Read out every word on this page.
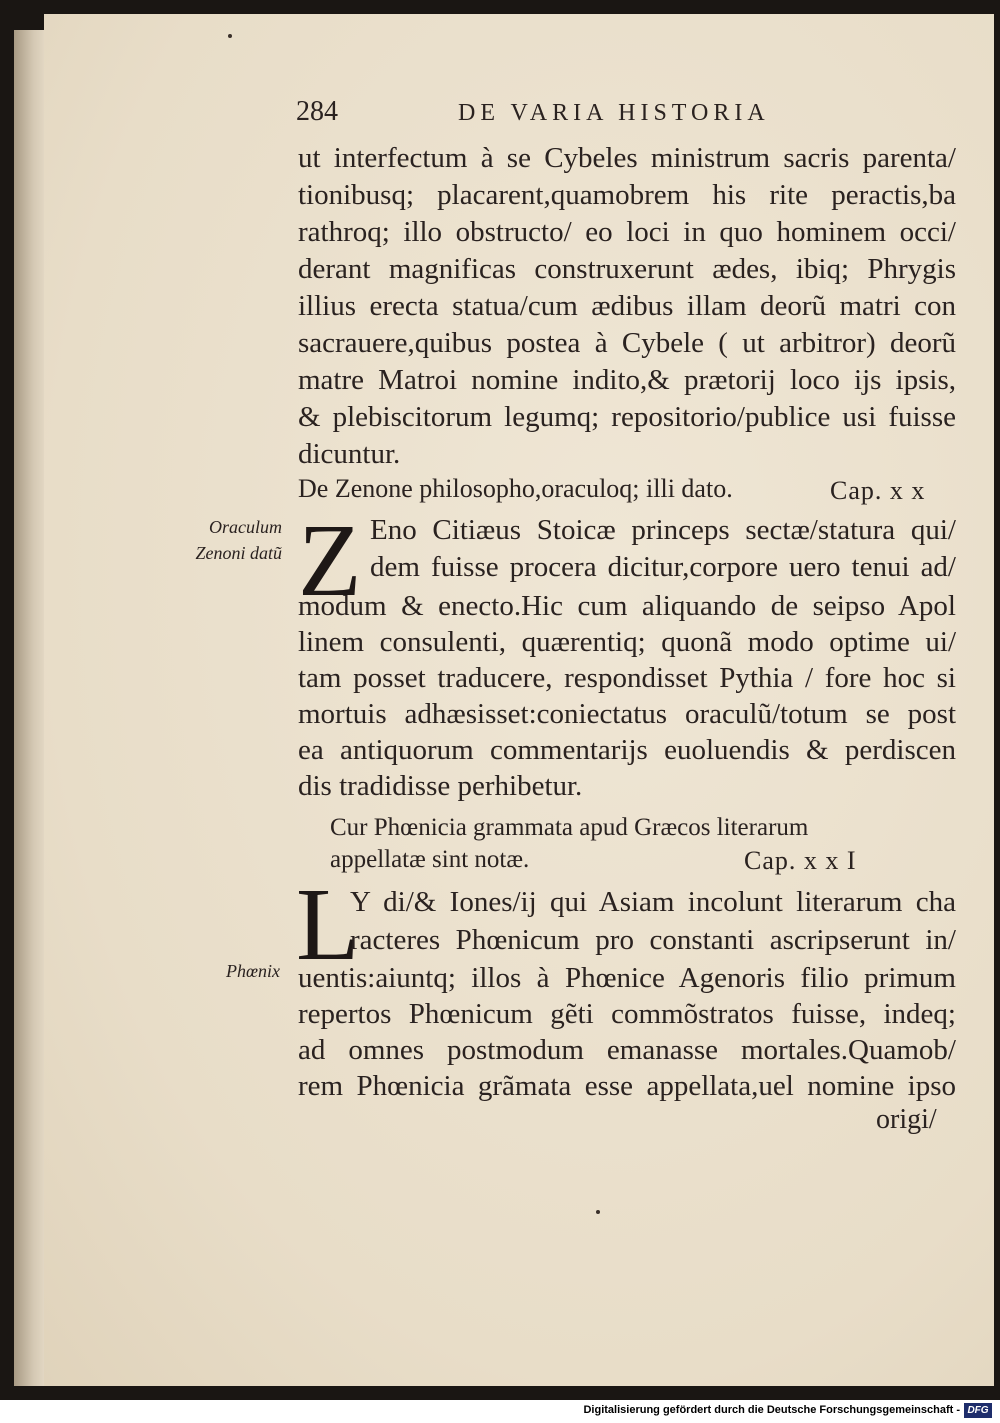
284	DE VARIA HISTORIA
ut interfectum à se Cybeles ministrum sacris parenta/
tionibusq; placarent,quamobrem his rite peractis,ba
rathroq; illo obstructo/ eo loci in quo hominem occi/
derant magnificas construxerunt ædes, ibiq; Phrygis
illius erecta statua/cum ædibus illam deorũ matri con
sacrauere,quibus postea à Cybele ( ut arbitror) deorũ
matre Matroi nomine indito,& prætorij loco ijs ipsis,
& plebiscitorum legumq; repositorio/publice usi fuisse
dicuntur.
De Zenone philosopho,oraculoq; illi dato.	Cap. x x
Oraculum
Zenoni datũ Z Eno Citiæus Stoicæ princeps sectæ/statura qui/
dem fuisse procera dicitur,corpore uero tenui ad/
modum & enecto.Hic cum aliquando de seipso Apol
linem consulenti, quærentiq; quonã modo optime ui/
tam posset traducere, respondisset Pythia / fore hoc si
mortuis adhæsisset:coniectatus oraculũ/totum se post
ea antiquorum commentarijs euoluendis & perdiscen
dis tradidisse perhibetur.
Cur Phœnicia grammata apud Græcos literarum
appellatæ sint notæ.	Cap. x x I
Phœnix L
Y di/& Iones/ij qui Asiam incolunt literarum cha
racteres Phœnicum pro constanti ascripserunt in/
uentis:aiuntq; illos à Phœnice Agenoris filio primum
repertos Phœnicum gẽti commõstratos fuisse, indeq;
ad omnes postmodum emanasse mortales.Quamob/
rem Phœnicia grãmata esse appellata,uel nomine ipso
origi/
Digitalisierung gefördert durch die Deutsche Forschungsgemeinschaft - DFG
